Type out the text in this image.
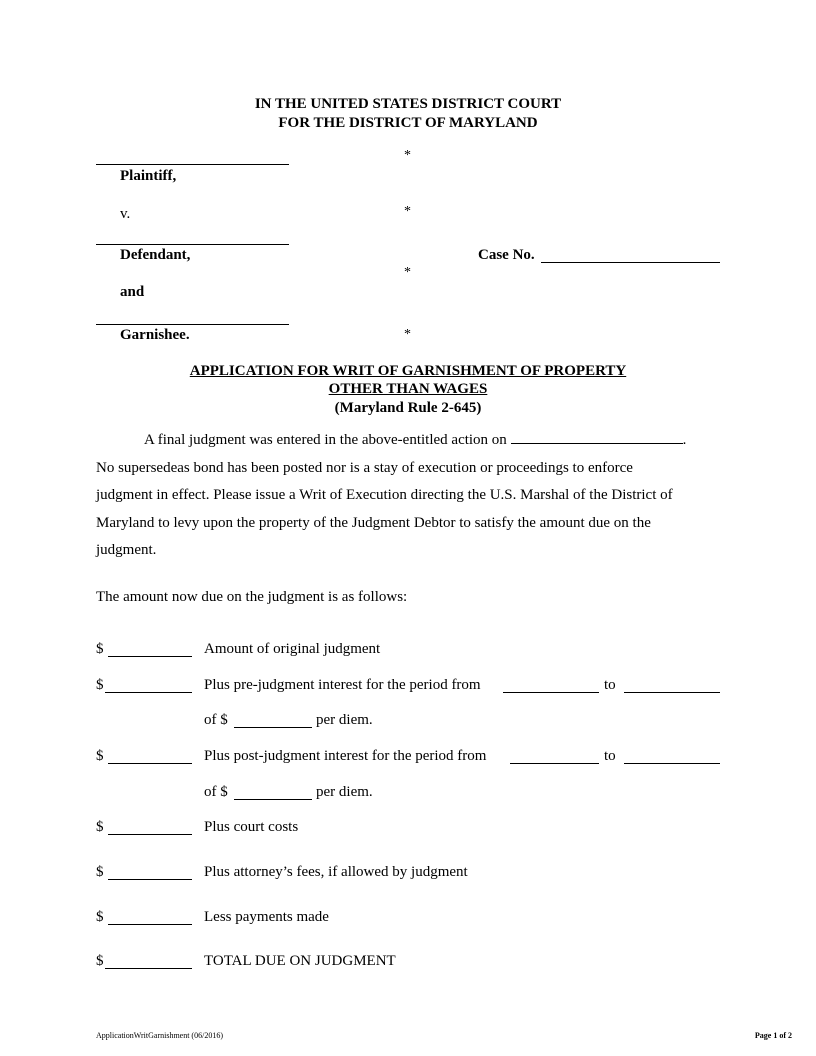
IN THE UNITED STATES DISTRICT COURT
FOR THE DISTRICT OF MARYLAND
*
Plaintiff,
v.	*
Defendant,	Case No.
*
and
Garnishee.	*
APPLICATION FOR WRIT OF GARNISHMENT OF PROPERTY
OTHER THAN WAGES
(Maryland Rule 2-645)
A final judgment was entered in the above-entitled action on	.
No supersedeas bond has been posted nor is a stay of execution or proceedings to enforce
judgment in effect. Please issue a Writ of Execution directing the U.S. Marshal of the District of
Maryland to levy upon the property of the Judgment Debtor to satisfy the amount due on the
judgment.
The amount now due on the judgment is as follows:
$	Amount of original judgment
$	Plus pre-judgment interest for the period from	to
of $	per diem.
$	Plus post-judgment interest for the period from	to
of $	per diem.
$	Plus court costs
$	Plus attorney’s fees, if allowed by judgment
$	Less payments made
$	TOTAL DUE ON JUDGMENT
ApplicationWritGarnishment (06/2016)	Page 1 of 2
